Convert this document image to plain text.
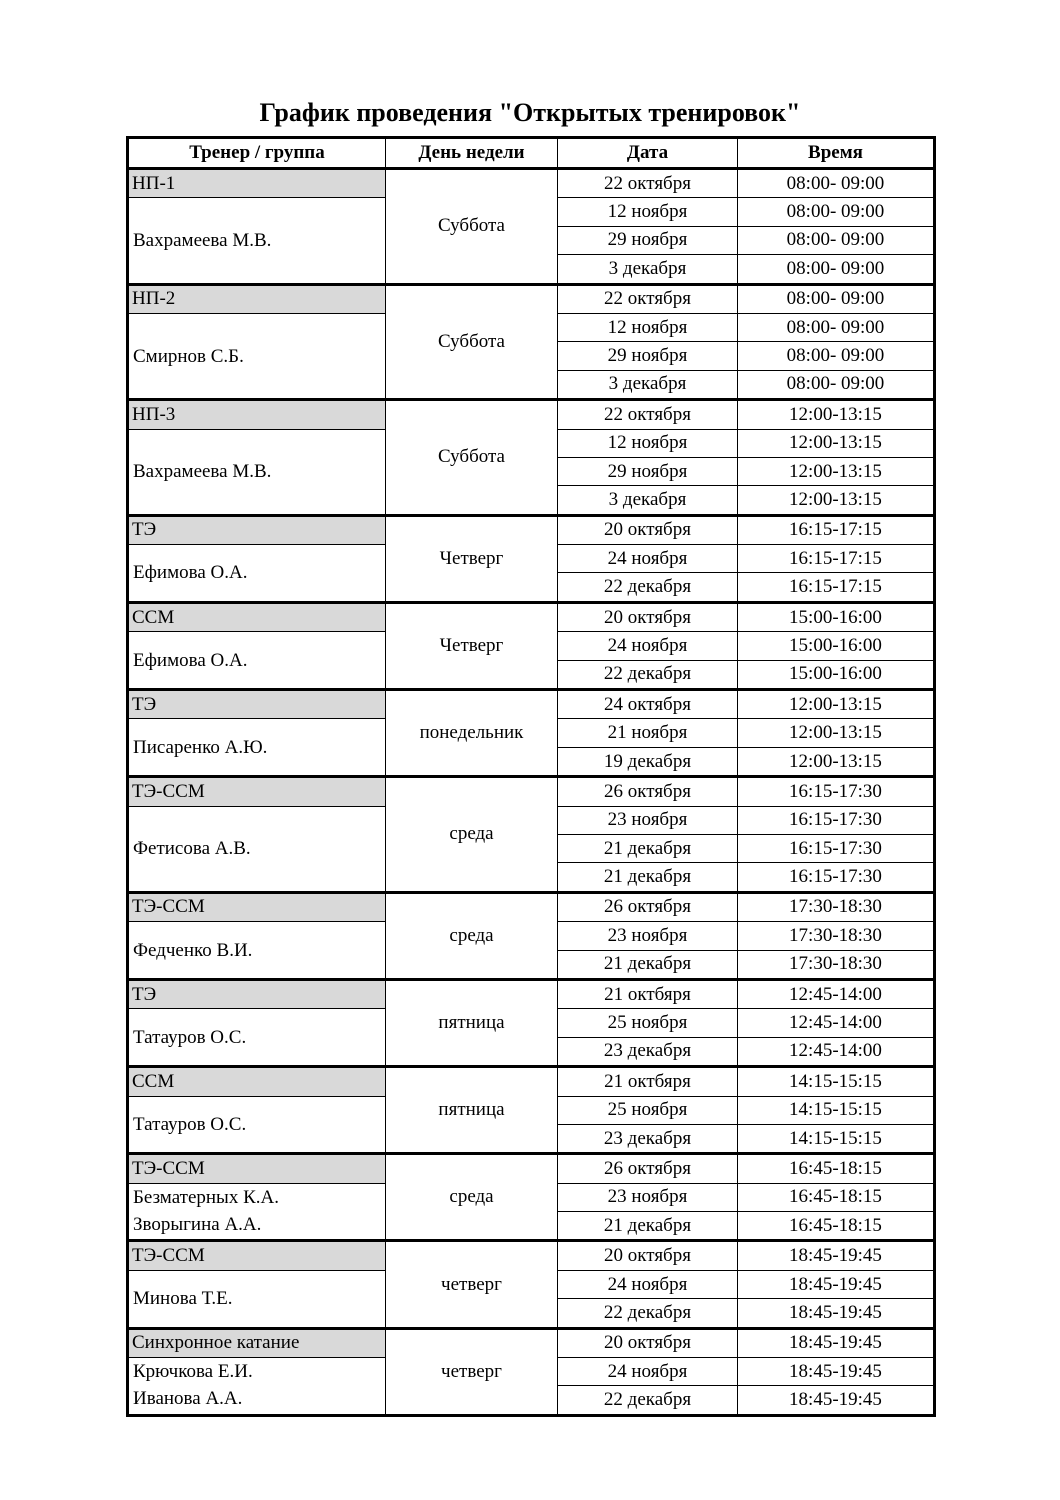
График проведения "Открытых тренировок"
Тренер / группа	День недели	Дата	Время
НП-1	Суббота	22 октября	08:00- 09:00

Вахрамеева М.В.		12 ноября	08:00- 09:00
		29 ноября	08:00- 09:00
		3 декабря	08:00- 09:00
НП-2	Суббота	22 октября	08:00- 09:00

Смирнов С.Б.		12 ноября	08:00- 09:00
		29 ноября	08:00- 09:00
		3 декабря	08:00- 09:00
НП-3	Суббота	22 октября	12:00-13:15

Вахрамеева М.В.		12 ноября	12:00-13:15
		29 ноября	12:00-13:15
		3 декабря	12:00-13:15
ТЭ	Четверг	20 октября	16:15-17:15

Ефимова О.А.		24 ноября	16:15-17:15
		22 декабря	16:15-17:15
ССМ	Четверг	20 октября	15:00-16:00

Ефимова О.А.		24 ноября	15:00-16:00
		22 декабря	15:00-16:00
ТЭ	понедельник	24 октября	12:00-13:15

Писаренко А.Ю.		21 ноября	12:00-13:15
		19 декабря	12:00-13:15
ТЭ-ССМ	среда	26 октября	16:15-17:30

Фетисова А.В.		23 ноября	16:15-17:30
		21 декабря	16:15-17:30
		21 декабря	16:15-17:30
ТЭ-ССМ	среда	26 октября	17:30-18:30

Федченко В.И.		23 ноября	17:30-18:30
		21 декабря	17:30-18:30
ТЭ	пятница	21 октбяря	12:45-14:00

Татауров О.С.		25 ноября	12:45-14:00
		23 декабря	12:45-14:00
ССМ	пятница	21 октбяря	14:15-15:15

Татауров О.С.		25 ноября	14:15-15:15
		23 декабря	14:15-15:15
ТЭ-ССМ	среда	26 октября	16:45-18:15

Безматерных К.А.
Зворыгина А.А.		23 ноября	16:45-18:15
		21 декабря	16:45-18:15
ТЭ-ССМ	четверг	20 октября	18:45-19:45

Минова Т.Е.		24 ноября	18:45-19:45
		22 декабря	18:45-19:45
Синхронное катание	четверг	20 октября	18:45-19:45

Крючкова Е.И.
Иванова А.А.		24 ноября	18:45-19:45
		22 декабря	18:45-19:45
